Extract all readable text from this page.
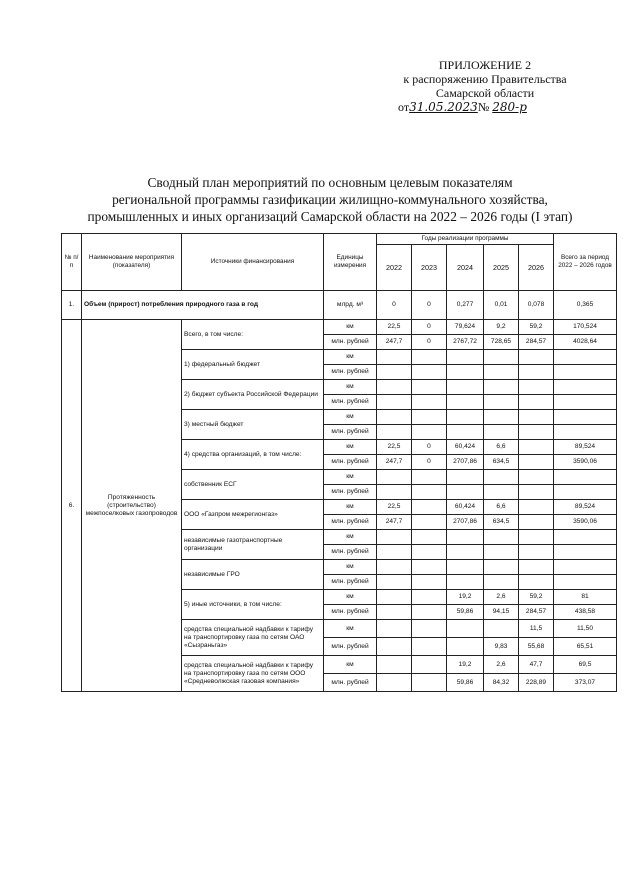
ПРИЛОЖЕНИЕ 2
к распоряжению Правительства
Самарской области
от31.05.2023№ 280-р
Сводный план мероприятий по основным целевым показателям
региональной программы газификации жилищно-коммунального хозяйства,
промышленных и иных организаций Самарской области на 2022 – 2026 годы (I этап)
№ п/п	Наименование мероприятия (показателя)	Источники финансирования	Единицы измерения	Годы реализации программы					Всего за период 2022 – 2026 годов
				2022	2023	2024	2025	2026	
1.	Объем (прирост) потребления природного газа в год		млрд. м³	0	0	0,277	0,01	0,078	0,365
6.	Протяженность (строительство) межпоселковых газопроводов	Всего, в том числе:	км	22,5	0	79,624	9,2	59,2	170,524
			млн. рублей	247,7	0	2767,72	728,65	284,57	4028,64
		1) федеральный бюджет	км						
			млн. рублей						
		2) бюджет субъекта Российской Федерации	км						
			млн. рублей						
		3) местный бюджет	км						
			млн. рублей						
		4) средства организаций, в том числе:	км	22,5	0	60,424	6,6		89,524
			млн. рублей	247,7	0	2707,86	634,5		3590,06
		собственник ЕСГ	км						
			млн. рублей						
		ООО «Газпром межрегионгаз»	км	22,5		60,424	6,6		89,524
			млн. рублей	247,7		2707,86	634,5		3590,06
		независимые газотранспортные организации	км						
			млн. рублей						
		независимые ГРО	км						
			млн. рублей						
		5) иные источники, в том числе:	км			19,2	2,6	59,2	81
			млн. рублей			59,86	94,15	284,57	438,58
		средства специальной надбавки к тарифу на транспортировку газа по сетям ОАО «Сызраньгаз»	км					11,5	11,50
			млн. рублей				9,83	55,68	65,51
		средства специальной надбавки к тарифу на транспортировку газа по сетям ООО «Средневолжская газовая компания»	км			19,2	2,6	47,7	69,5
			млн. рублей			59,86	84,32	228,89	373,07
